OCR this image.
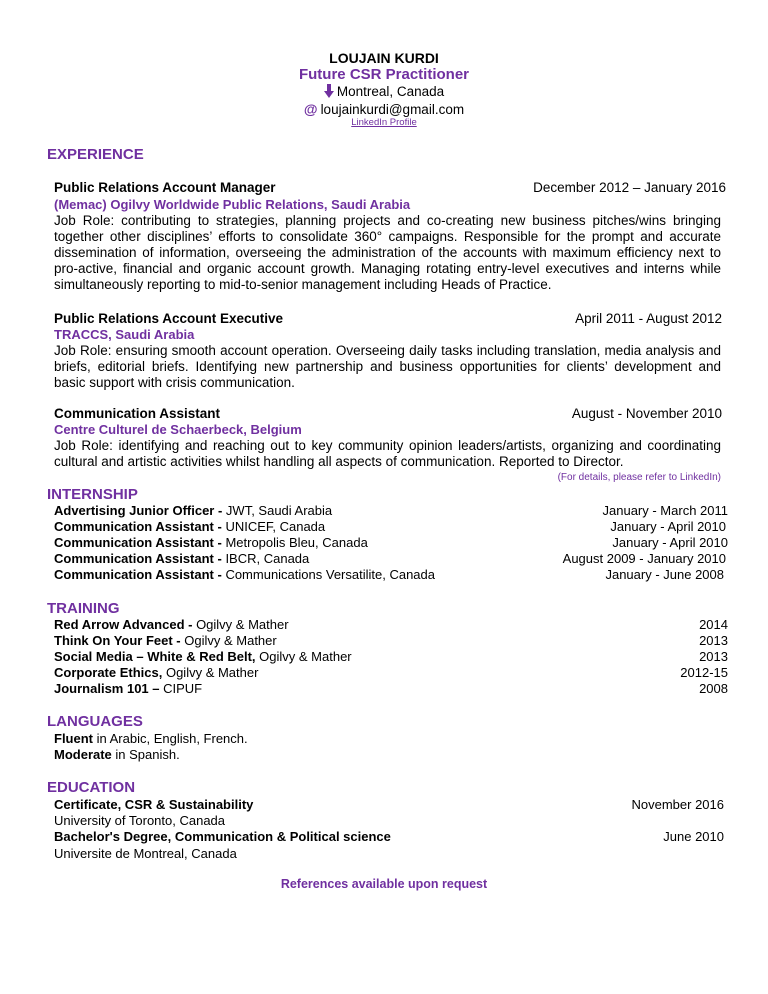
LOUJAIN KURDI
Future CSR Practitioner
Montreal, Canada
@ loujainkurdi@gmail.com
LinkedIn Profile
EXPERIENCE
Public Relations Account Manager	December 2012 – January 2016
(Memac) Ogilvy Worldwide Public Relations, Saudi Arabia
Job Role: contributing to strategies, planning projects and co-creating new business pitches/wins bringing
together other disciplines’ efforts to consolidate 360° campaigns. Responsible for the prompt and accurate
dissemination of information, overseeing the administration of the accounts with maximum efficiency next to
pro-active, financial and organic account growth. Managing rotating entry-level executives and interns while
simultaneously reporting to mid-to-senior management including Heads of Practice.
Public Relations Account Executive	April 2011 - August 2012
TRACCS, Saudi Arabia
Job Role: ensuring smooth account operation. Overseeing daily tasks including translation, media analysis and
briefs, editorial briefs. Identifying new partnership and business opportunities for clients’ development and
basic support with crisis communication.
Communication Assistant	August - November 2010
Centre Culturel de Schaerbeck, Belgium
Job Role: identifying and reaching out to key community opinion leaders/artists, organizing and coordinating
cultural and artistic activities whilst handling all aspects of communication. Reported to Director.
(For details, please refer to LinkedIn)
INTERNSHIP
Advertising Junior Officer - JWT, Saudi Arabia	January - March 2011
Communication Assistant - UNICEF, Canada	January - April 2010
Communication Assistant - Metropolis Bleu, Canada	January - April 2010
Communication Assistant - IBCR, Canada	August 2009 - January 2010
Communication Assistant - Communications Versatilite, Canada	January - June 2008
TRAINING
Red Arrow Advanced - Ogilvy & Mather	2014
Think On Your Feet - Ogilvy & Mather	2013
Social Media – White & Red Belt, Ogilvy & Mather	2013
Corporate Ethics, Ogilvy & Mather	2012-15
Journalism 101 – CIPUF	2008
LANGUAGES
Fluent in Arabic, English, French.
Moderate in Spanish.
EDUCATION
Certificate, CSR & Sustainability	November 2016
University of Toronto, Canada
Bachelor's Degree, Communication & Political science	June 2010
Universite de Montreal, Canada
References available upon request
